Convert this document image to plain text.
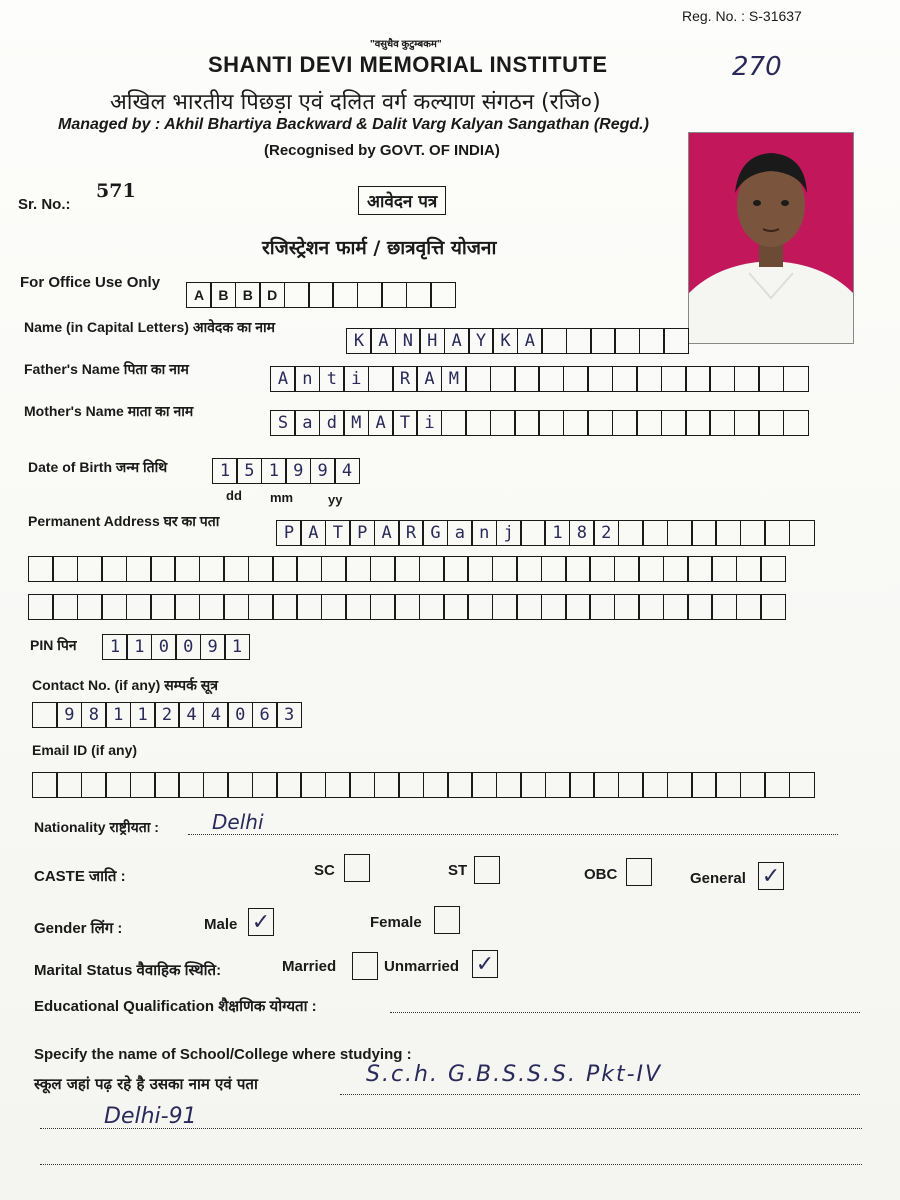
Reg. No. : S-31637
"वसुधैव कुटुम्बकम"
SHANTI DEVI MEMORIAL INSTITUTE	270
अखिल भारतीय पिछड़ा एवं दलित वर्ग कल्याण संगठन (रजि०)
Managed by : Akhil Bhartiya Backward & Dalit Varg Kalyan Sangathan (Regd.)
(Recognised by GOVT. OF INDIA)
Sr. No.:
571	आवेदन पत्र
रजिस्ट्रेशन फार्म / छात्रवृत्ति योजना
For Office Use Only
A	B	B	D
Name (in Capital Letters) आवेदक का नाम
K A N H A Y K A
Father's Name पिता का नाम	A n t i	R A M
Mother's Name माता का नाम
S a d M A T i
Date of Birth जन्म तिथि	1 5 1 9 9 4
dd mm	yy
Permanent Address घर का पता
P A T P A R G a n j	1 8 2
PIN पिन	1 1 0 0 9 1
Contact No. (if any) सम्पर्क सूत्र
9 8 1 1 2 4 4 0 6 3
Email ID (if any)
Nationality राष्ट्रीयता :	Delhi
CASTE जाति :	SC	ST	OBC	General ✓
Gender लिंग :	Male ✓	Female
Marital Status वैवाहिक स्थिति:	Married	Unmarried ✓
Educational Qualification शैक्षणिक योग्यता :
Specify the name of School/College where studying :
स्कूल जहां पढ़ रहे है उसका नाम एवं पता	S.c.h. G.B.S.S.S. Pkt-IV
Delhi-91
